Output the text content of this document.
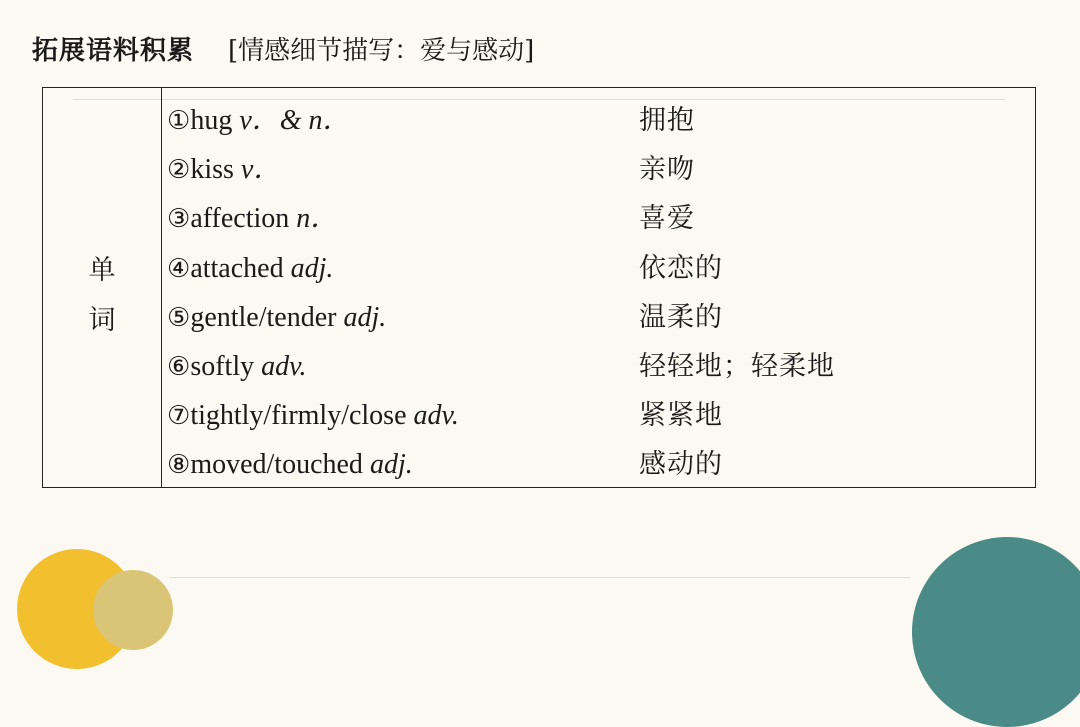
拓展语料积累 [情感细节描写：爱与感动]
单
词
①hug v．& n．	拥抱
②kiss v．	亲吻
③affection n．	喜爱
④attached adj.	依恋的
⑤gentle/tender adj.	温柔的
⑥softly adv.	轻轻地；轻柔地
⑦tightly/firmly/close adv.	紧紧地
⑧moved/touched adj.	感动的
